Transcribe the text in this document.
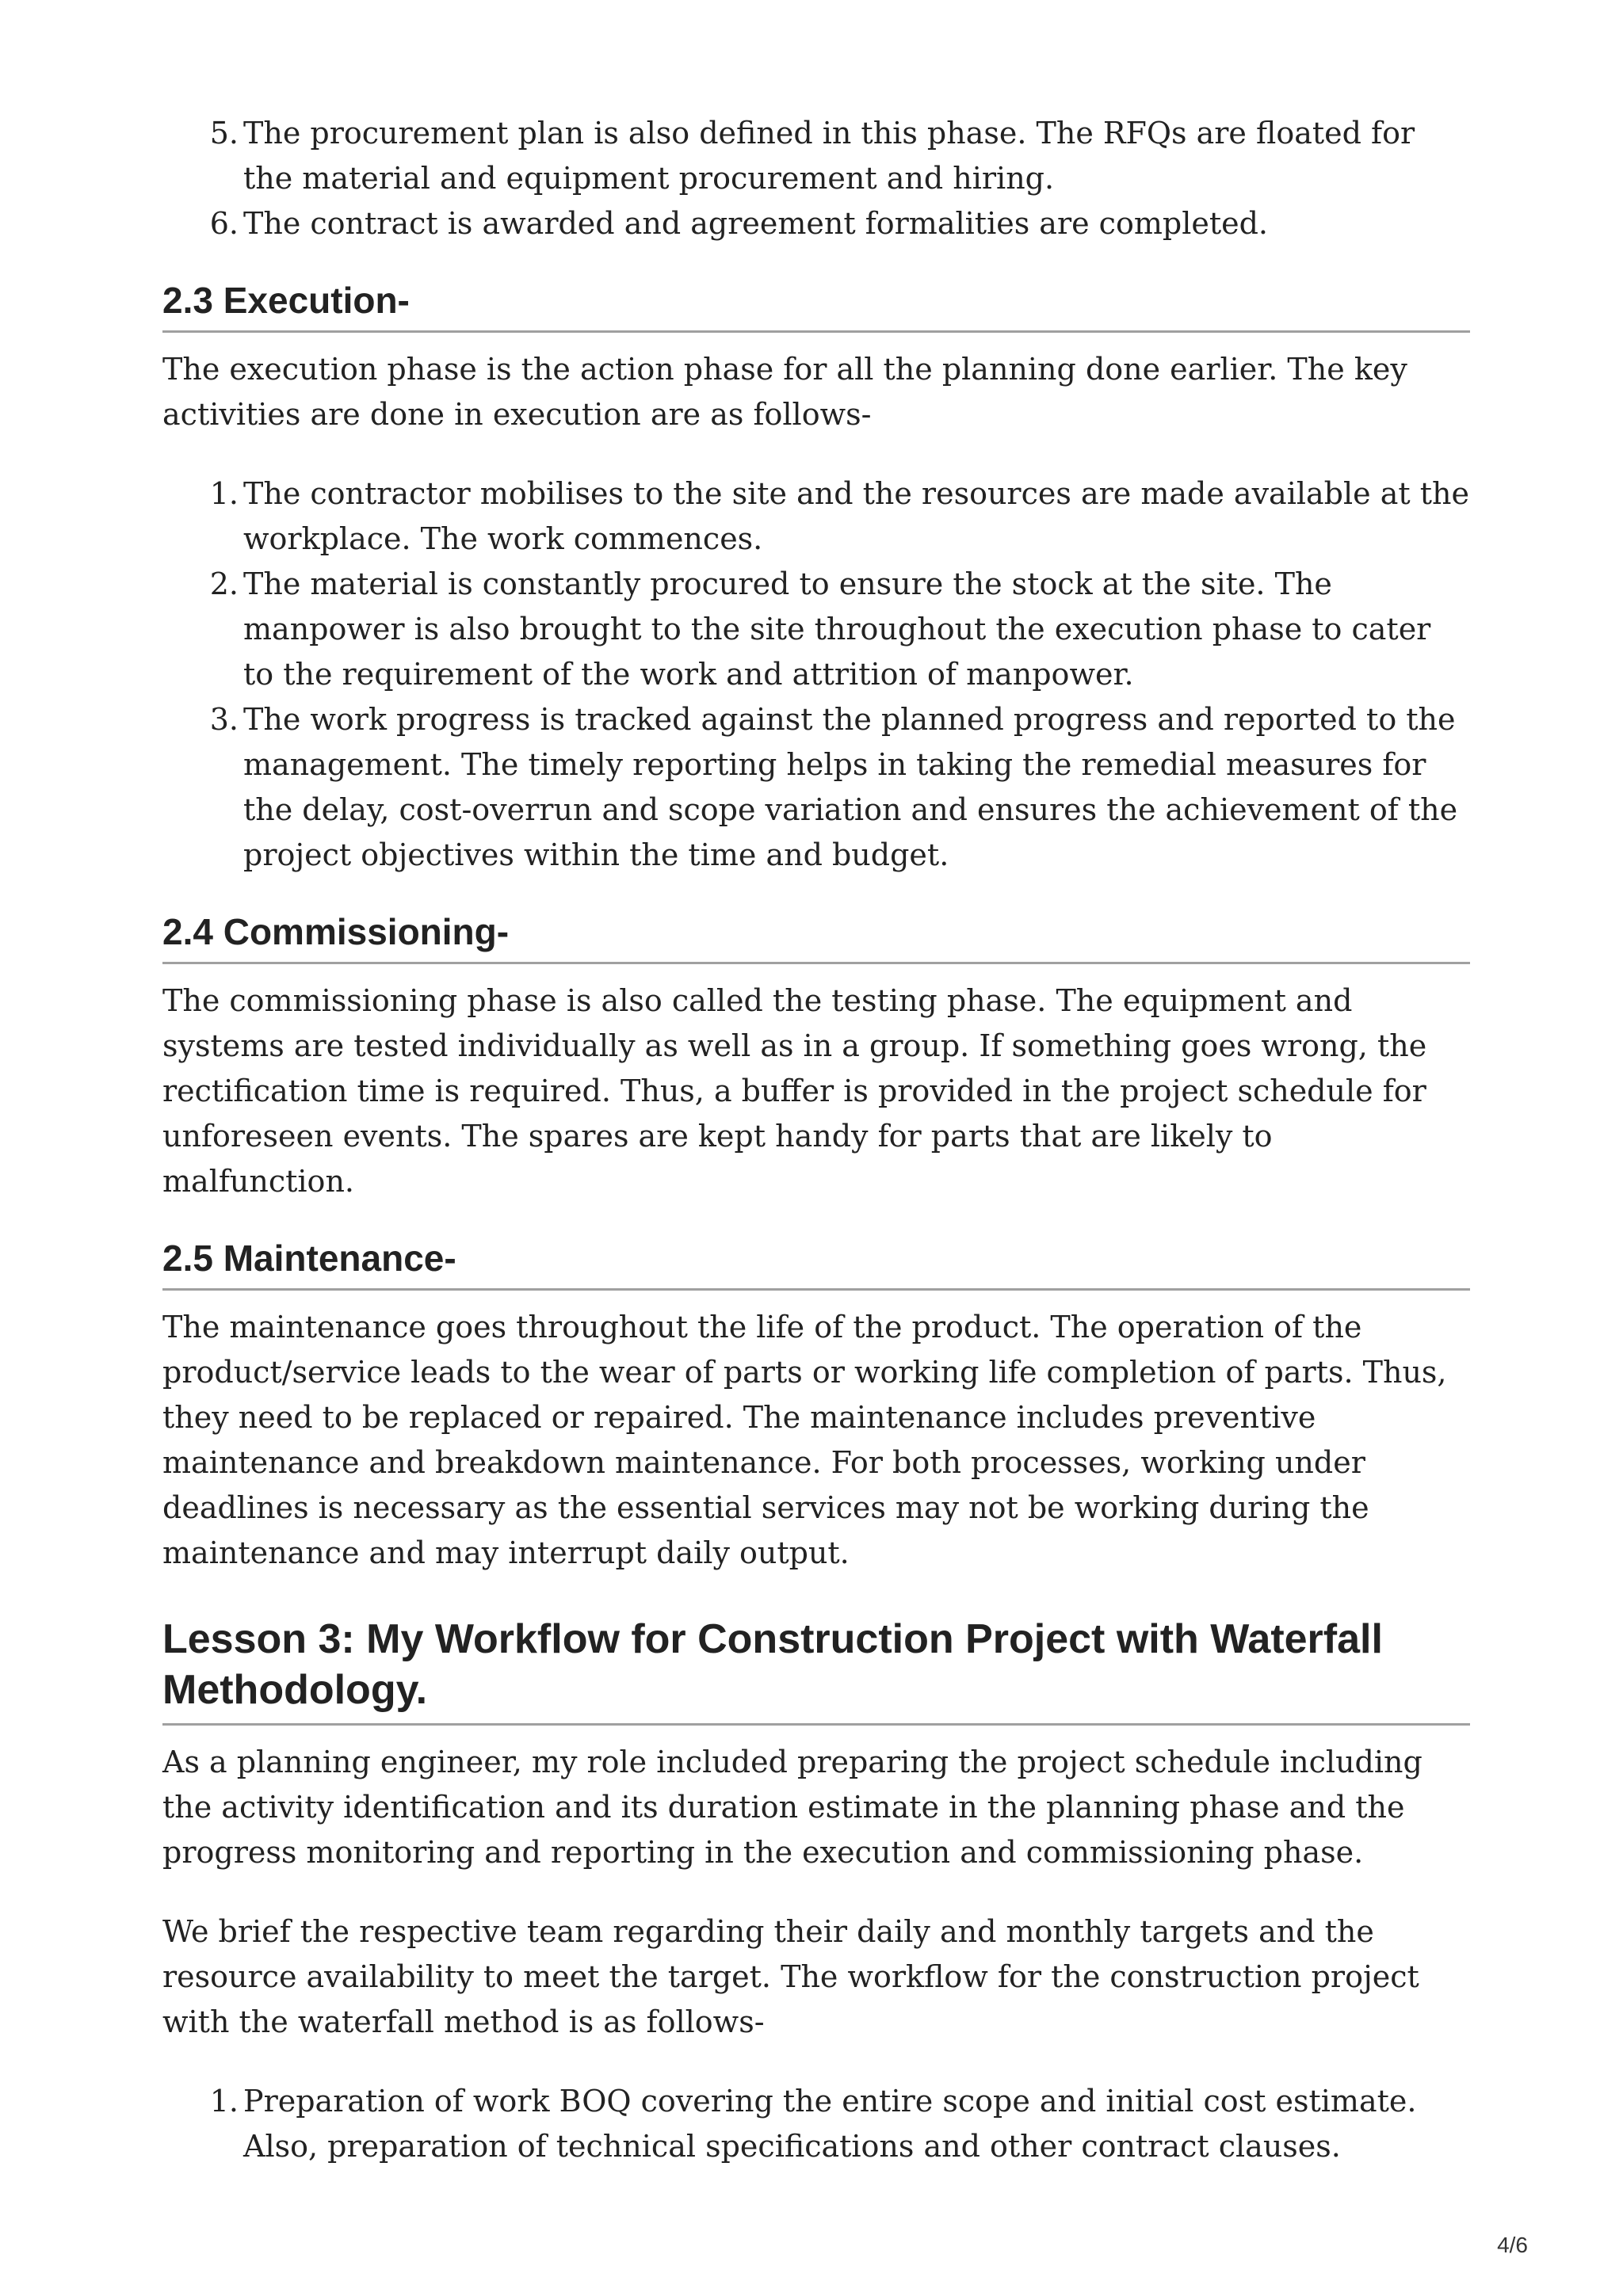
5. The procurement plan is also defined in this phase. The RFQs are floated for the material and equipment procurement and hiring.
6. The contract is awarded and agreement formalities are completed.
2.3 Execution-

The execution phase is the action phase for all the planning done earlier. The key activities are done in execution are as follows-

1. The contractor mobilises to the site and the resources are made available at the workplace. The work commences.
2. The material is constantly procured to ensure the stock at the site. The manpower is also brought to the site throughout the execution phase to cater to the requirement of the work and attrition of manpower.
3. The work progress is tracked against the planned progress and reported to the management. The timely reporting helps in taking the remedial measures for the delay, cost-overrun and scope variation and ensures the achievement of the project objectives within the time and budget.
2.4 Commissioning-

The commissioning phase is also called the testing phase. The equipment and systems are tested individually as well as in a group. If something goes wrong, the rectification time is required. Thus, a buffer is provided in the project schedule for unforeseen events. The spares are kept handy for parts that are likely to malfunction.

2.5 Maintenance-

The maintenance goes throughout the life of the product. The operation of the product/service leads to the wear of parts or working life completion of parts. Thus, they need to be replaced or repaired. The maintenance includes preventive maintenance and breakdown maintenance. For both processes, working under deadlines is necessary as the essential services may not be working during the maintenance and may interrupt daily output.

Lesson 3: My Workflow for Construction Project with Waterfall Methodology.

As a planning engineer, my role included preparing the project schedule including the activity identification and its duration estimate in the planning phase and the progress monitoring and reporting in the execution and commissioning phase.

We brief the respective team regarding their daily and monthly targets and the resource availability to meet the target. The workflow for the construction project with the waterfall method is as follows-

1. Preparation of work BOQ covering the entire scope and initial cost estimate. Also, preparation of technical specifications and other contract clauses.
4/6
